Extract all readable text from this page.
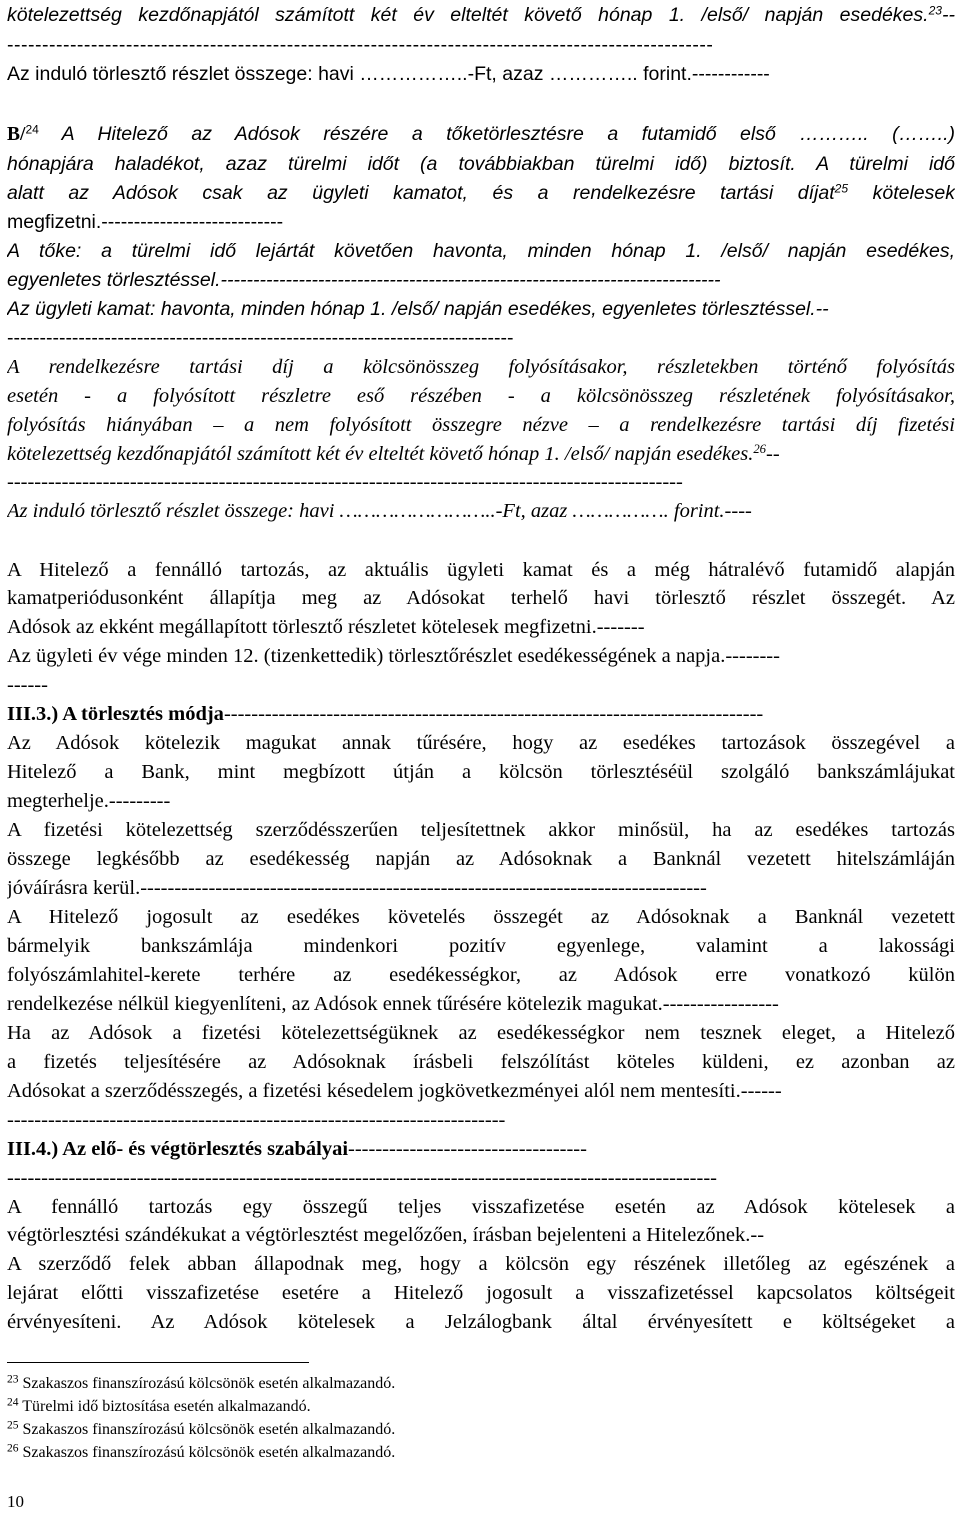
kötelezettség kezdőnapjától számított két év elteltét követő hónap 1. /első/ napján esedékes.$^{23}$--
-----------------------------------------------------------------------------------------------------
Az induló törlesztő részlet összege: havi ……………..-Ft, azaz ………….. forint.------------
B/$^{24}$ A Hitelező az Adósok részére a tőketörlesztésre a futamidő első ……….. (……..)
hónapjára haladékot, azaz türelmi időt (a továbbiakban türelmi idő) biztosít. A türelmi idő
alatt az Adósok csak az ügyleti kamatot, és a rendelkezésre tartási díjat$^{25}$ kötelesek
megfizetni.----------------------------
A tőke: a türelmi idő lejártát követően havonta, minden hónap 1. /első/ napján esedékes,
egyenletes törlesztéssel.-----------------------------------------------------------------------------
Az ügyleti kamat: havonta, minden hónap 1. /első/ napján esedékes, egyenletes törlesztéssel.--
------------------------------------------------------------------------------
A rendelkezésre tartási díj a kölcsönösszeg folyósításakor, részletekben történő folyósítás
esetén - a folyósított részletre eső részében - a kölcsönösszeg részletének folyósításakor,
folyósítás hiányában – a nem folyósított összegre nézve – a rendelkezésre tartási díj fizetési
kötelezettség kezdőnapjától számított két év elteltét követő hónap 1. /első/ napján esedékes.$^{26}$--
---------------------------------------------------------------------------------------------------
Az induló törlesztő részlet összege: havi ……………………..-Ft, azaz ……………. forint.----
A Hitelező a fennálló tartozás, az aktuális ügyleti kamat és a még hátralévő futamidő alapján
kamatperiódusonként állapítja meg az Adósokat terhelő havi törlesztő részlet összegét. Az
Adósok az ekként megállapított törlesztő részletet kötelesek megfizetni.-------
Az ügyleti év vége minden 12. (tizenkettedik) törlesztőrészlet esedékességének a napja.--------
------
III.3.) A törlesztés módja-------------------------------------------------------------------------------
Az Adósok kötelezik magukat annak tűrésére, hogy az esedékes tartozások összegével a
Hitelező a Bank, mint megbízott útján a kölcsön törlesztéséül szolgáló bankszámlájukat
megterhelje.---------
A fizetési kötelezettség szerződésszerűen teljesítettnek akkor minősül, ha az esedékes tartozás
összege legkésőbb az esedékesség napján az Adósoknak a Banknál vezetett hitelszámláján
jóváírásra kerül.-----------------------------------------------------------------------------------
A Hitelező jogosult az esedékes követelés összegét az Adósoknak a Banknál vezetett
bármelyik bankszámlája mindenkori pozitív egyenlege, valamint a lakossági
folyószámlahitel-kerete terhére az esedékességkor, az Adósok erre vonatkozó külön
rendelkezése nélkül kiegyenlíteni, az Adósok ennek tűrésére kötelezik magukat.-----------------
Ha az Adósok a fizetési kötelezettségüknek az esedékességkor nem tesznek eleget, a Hitelező
a fizetés teljesítésére az Adósoknak írásbeli felszólítást köteles küldeni, ez azonban az
Adósokat a szerződésszegés, a fizetési késedelem jogkövetkezményei alól nem mentesíti.------
-------------------------------------------------------------------------
III.4.) Az elő- és végtörlesztés szabályai-----------------------------------
--------------------------------------------------------------------------------------------------------
A fennálló tartozás egy összegű teljes visszafizetése esetén az Adósok kötelesek a
végtörlesztési szándékukat a végtörlesztést megelőzően, írásban bejelenteni a Hitelezőnek.--
A szerződő felek abban állapodnak meg, hogy a kölcsön egy részének illetőleg az egészének a
lejárat előtti visszafizetése esetére a Hitelező jogosult a visszafizetéssel kapcsolatos költségeit
érvényesíteni. Az Adósok kötelesek a Jelzálogbank által érvényesített e költségeket a
$^{23}$ Szakaszos finanszírozású kölcsönök esetén alkalmazandó.
$^{24}$ Türelmi idő biztosítása esetén alkalmazandó.
$^{25}$ Szakaszos finanszírozású kölcsönök esetén alkalmazandó.
$^{26}$ Szakaszos finanszírozású kölcsönök esetén alkalmazandó.
10
